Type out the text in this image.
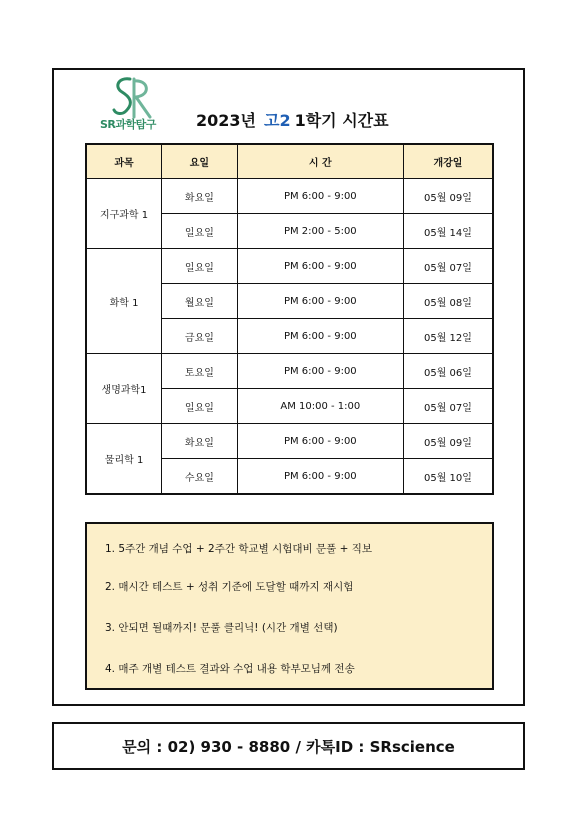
SR과학탐구	2023년 고2 1학기 시간표
과목	요일	시 간	개강일
지구과학 1	화요일	PM 6:00 - 9:00	05월 09일
	일요일	PM 2:00 - 5:00	05월 14일
화학 1	일요일	PM 6:00 - 9:00	05월 07일
	월요일	PM 6:00 - 9:00	05월 08일
	금요일	PM 6:00 - 9:00	05월 12일
생명과학1	토요일	PM 6:00 - 9:00	05월 06일
	일요일	AM 10:00 - 1:00	05월 07일
물리학 1	화요일	PM 6:00 - 9:00	05월 09일
	수요일	PM 6:00 - 9:00	05월 10일
1. 5주간 개념 수업 + 2주간 학교별 시험대비 문풀 + 직보
2. 매시간 테스트 + 성취 기준에 도달할 때까지 재시험
3. 안되면 될때까지! 문풀 클리닉! (시간 개별 선택)
4. 매주 개별 테스트 결과와 수업 내용 학부모님께 전송
문의 : 02) 930 - 8880 / 카톡ID : SRscience
